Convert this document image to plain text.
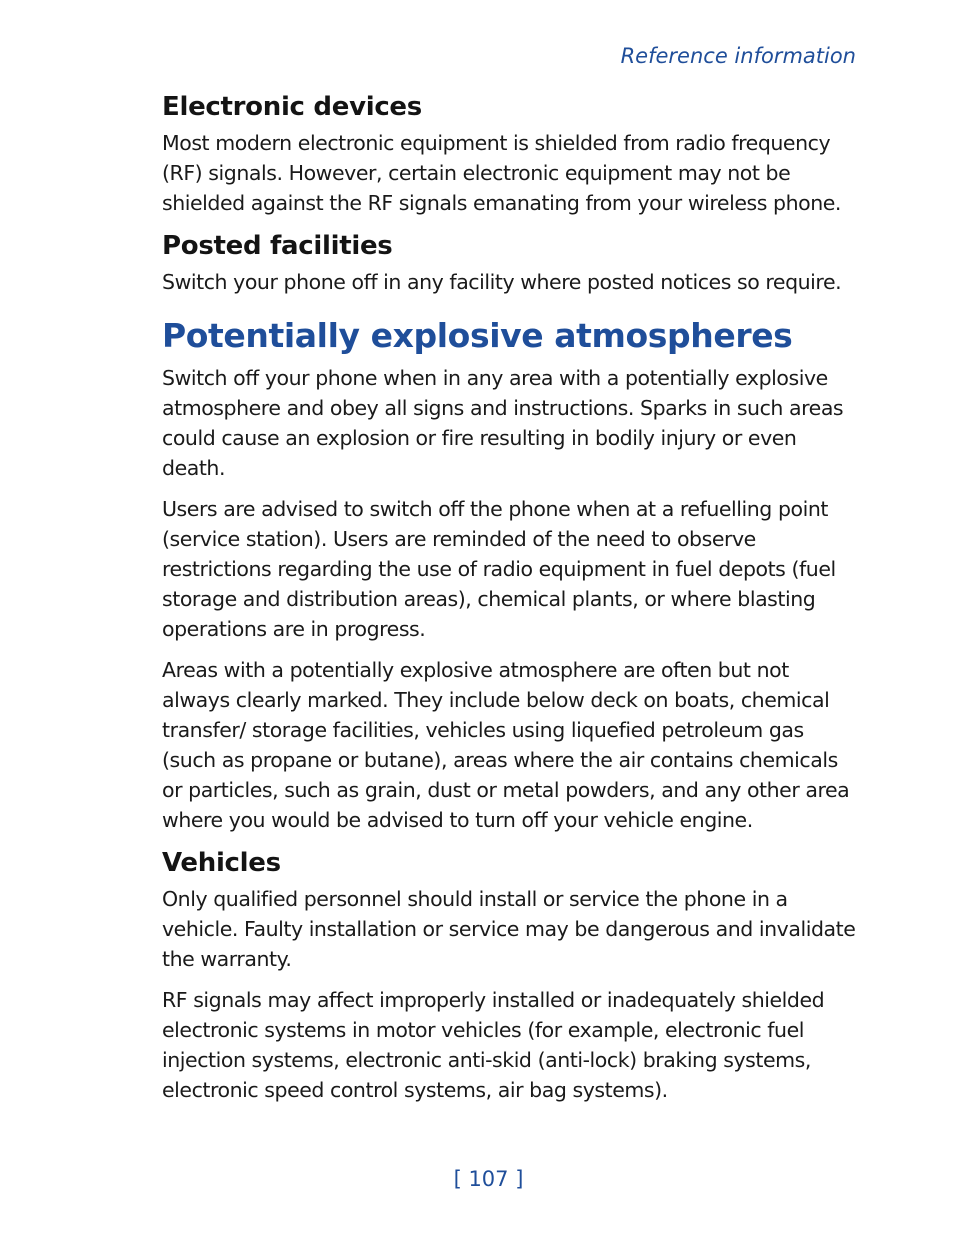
Reference information
Electronic devices

Most modern electronic equipment is shielded from radio frequency (RF) signals. However, certain electronic equipment may not be shielded against the RF signals emanating from your wireless phone.

Posted facilities

Switch your phone off in any facility where posted notices so require.

Potentially explosive atmospheres

Switch off your phone when in any area with a potentially explosive atmosphere and obey all signs and instructions. Sparks in such areas could cause an explosion or fire resulting in bodily injury or even death.

Users are advised to switch off the phone when at a refuelling point (service station). Users are reminded of the need to observe restrictions regarding the use of radio equipment in fuel depots (fuel storage and distribution areas), chemical plants, or where blasting operations are in progress.

Areas with a potentially explosive atmosphere are often but not always clearly marked. They include below deck on boats, chemical transfer/ storage facilities, vehicles using liquefied petroleum gas (such as propane or butane), areas where the air contains chemicals or particles, such as grain, dust or metal powders, and any other area where you would be advised to turn off your vehicle engine.

Vehicles

Only qualified personnel should install or service the phone in a vehicle. Faulty installation or service may be dangerous and invalidate the warranty.

RF signals may affect improperly installed or inadequately shielded electronic systems in motor vehicles (for example, electronic fuel injection systems, electronic anti-skid (anti-lock) braking systems, electronic speed control systems, air bag systems).

[ 107 ]
